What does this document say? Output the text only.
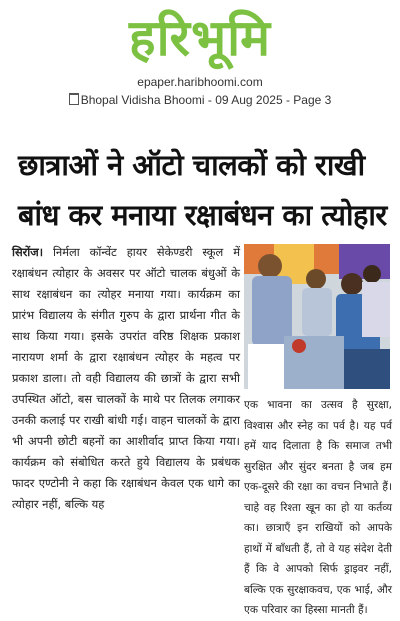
हरिभूमि
epaper.haribhoomi.com
Bhopal Vidisha Bhoomi - 09 Aug 2025 - Page 3
छात्राओं ने ऑटो चालकों को राखी बांध कर मनाया रक्षाबंधन का त्योहार
सिरोंज। निर्मला कॉन्वेंट हायर सेकेण्डरी स्कूल में रक्षाबंधन त्योहार के अवसर पर ऑटो चालक बंधुओं के साथ रक्षाबंधन का त्योहर मनाया गया। कार्यक्रम का प्रारंभ विद्यालय के संगीत गुरुप के द्वारा प्रार्थना गीत के साथ किया गया। इसके उपरांत वरिष्ठ शिक्षक प्रकाश नारायण शर्मा के द्वारा रक्षाबंधन त्योहर के महत्व पर प्रकाश डाला। तो वही विद्यालय की छात्रों के द्वारा सभी उपस्थित ऑटो, बस चालकों के माथे पर तिलक लगाकर उनकी कलाई पर राखी बांधी गई। वाहन चालकों के द्वारा भी अपनी छोटी बहनों का आशीर्वाद प्राप्त किया गया। कार्यक्रम को संबोधित करते हुये विद्यालय के प्रबंधक फादर एण्टोनी ने कहा कि रक्षाबंधन केवल एक धागे का त्योहार नहीं, बल्कि यह
एक भावना का उत्सव है सुरक्षा, विश्वास और स्नेह का पर्व है। यह पर्व हमें याद दिलाता है कि समाज तभी सुरक्षित और सुंदर बनता है जब हम एक-दूसरे की रक्षा का वचन निभाते हैं। चाहे वह रिश्ता खून का हो या कर्तव्य का। छात्राएँ इन राखियों को आपके हाथों में बाँधती हैं, तो वे यह संदेश देती हैं कि वे आपको सिर्फ ड्राइवर नहीं, बल्कि एक सुरक्षाकवच, एक भाई, और एक परिवार का हिस्सा मानती हैं।
